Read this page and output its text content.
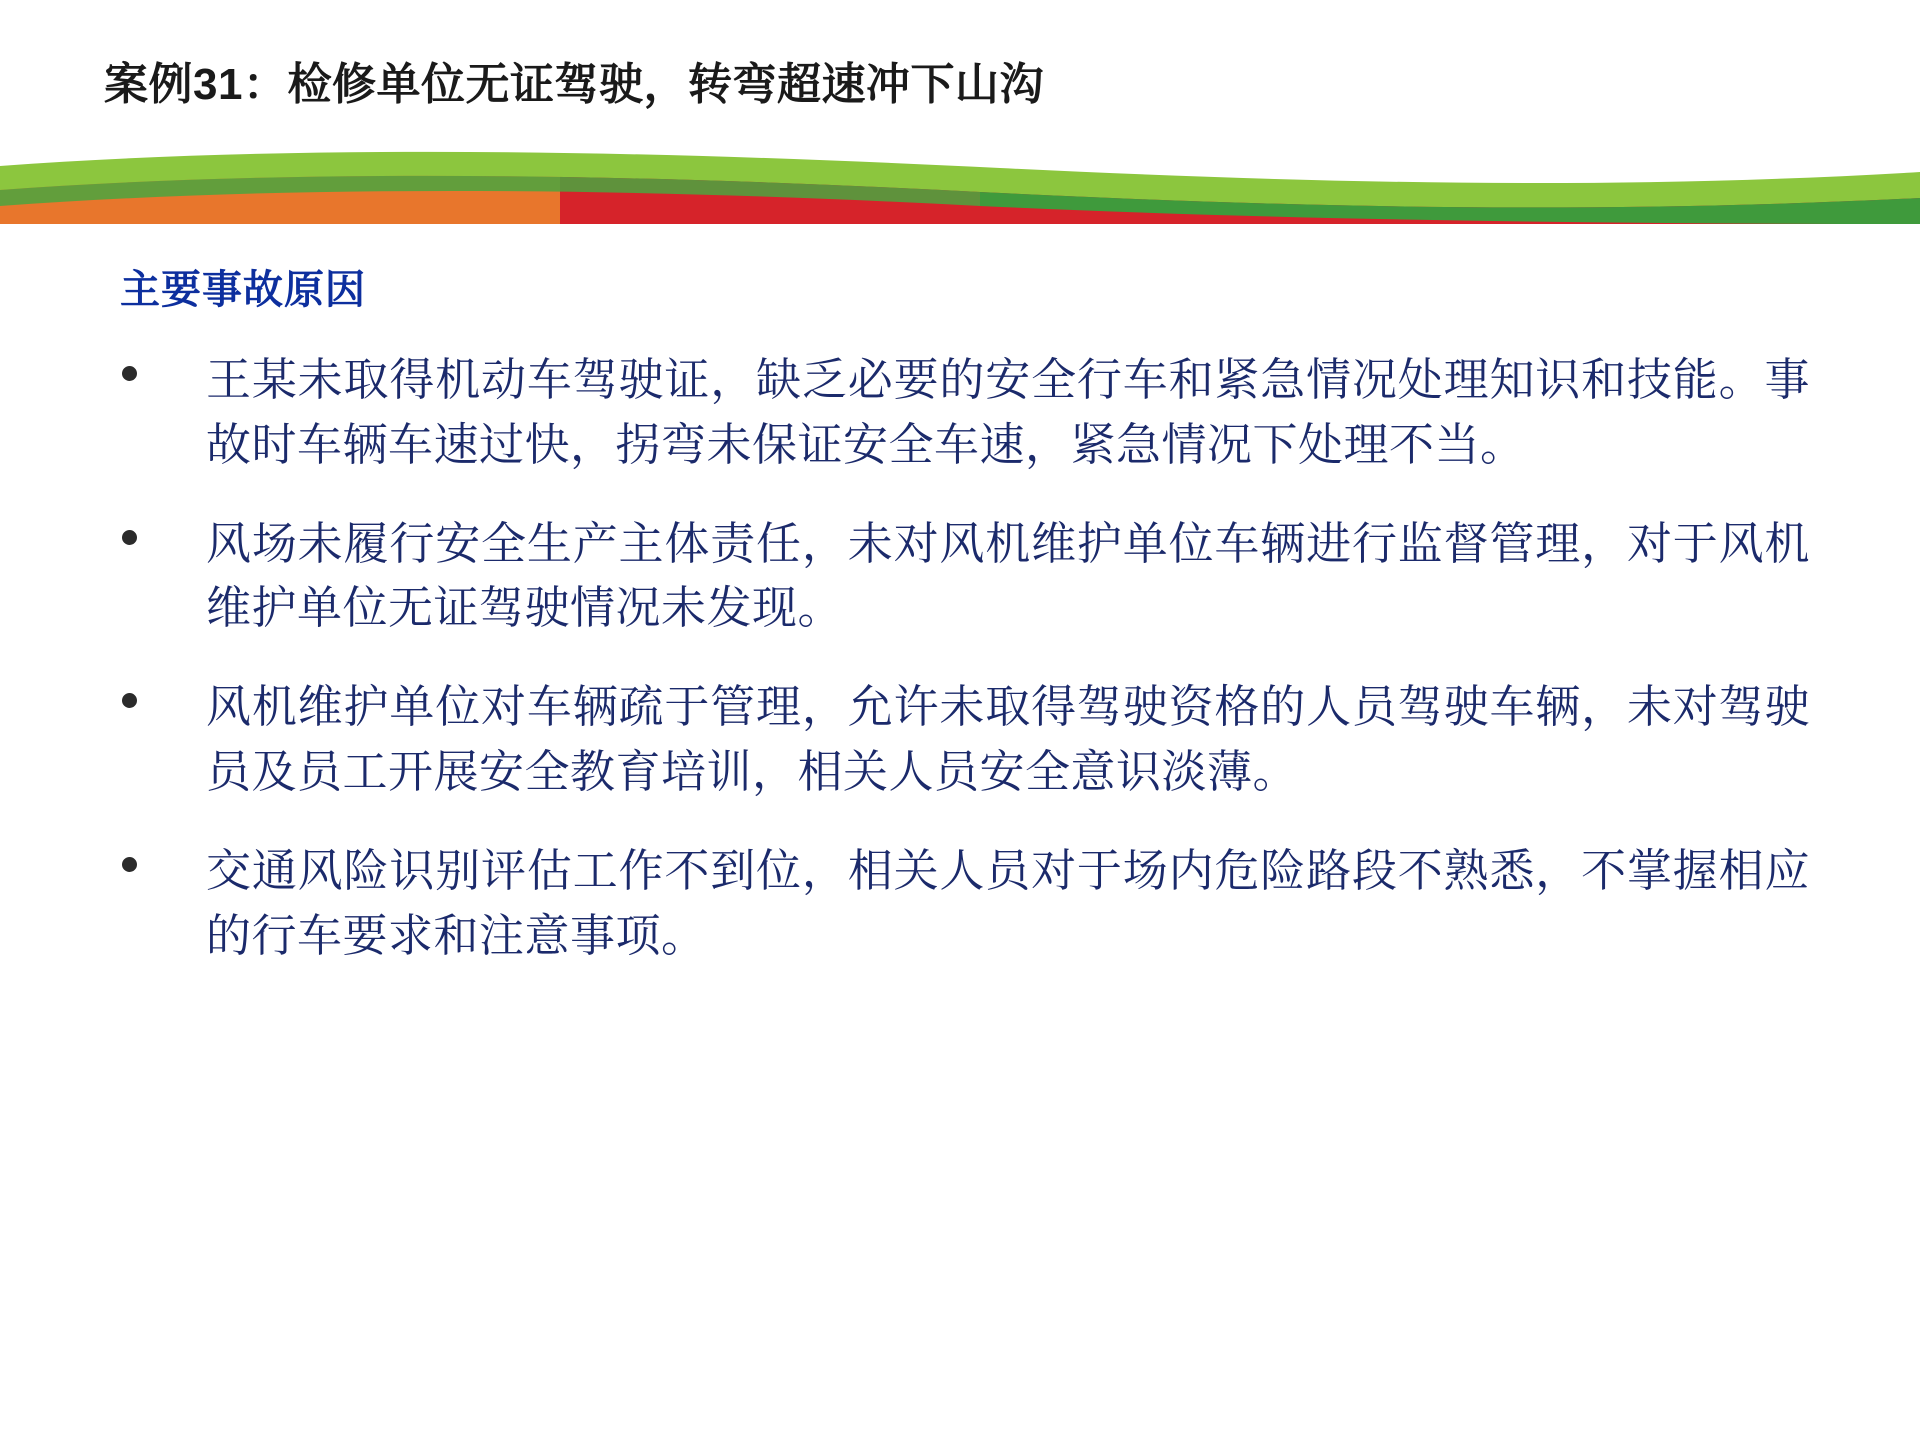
案例31：检修单位无证驾驶，转弯超速冲下山沟
主要事故原因
王某未取得机动车驾驶证，缺乏必要的安全行车和紧急情况处理知识和技能。事故时车辆车速过快，拐弯未保证安全车速，紧急情况下处理不当。
风场未履行安全生产主体责任，未对风机维护单位车辆进行监督管理，对于风机维护单位无证驾驶情况未发现。
风机维护单位对车辆疏于管理，允许未取得驾驶资格的人员驾驶车辆，未对驾驶员及员工开展安全教育培训，相关人员安全意识淡薄。
交通风险识别评估工作不到位，相关人员对于场内危险路段不熟悉，不掌握相应的行车要求和注意事项。
